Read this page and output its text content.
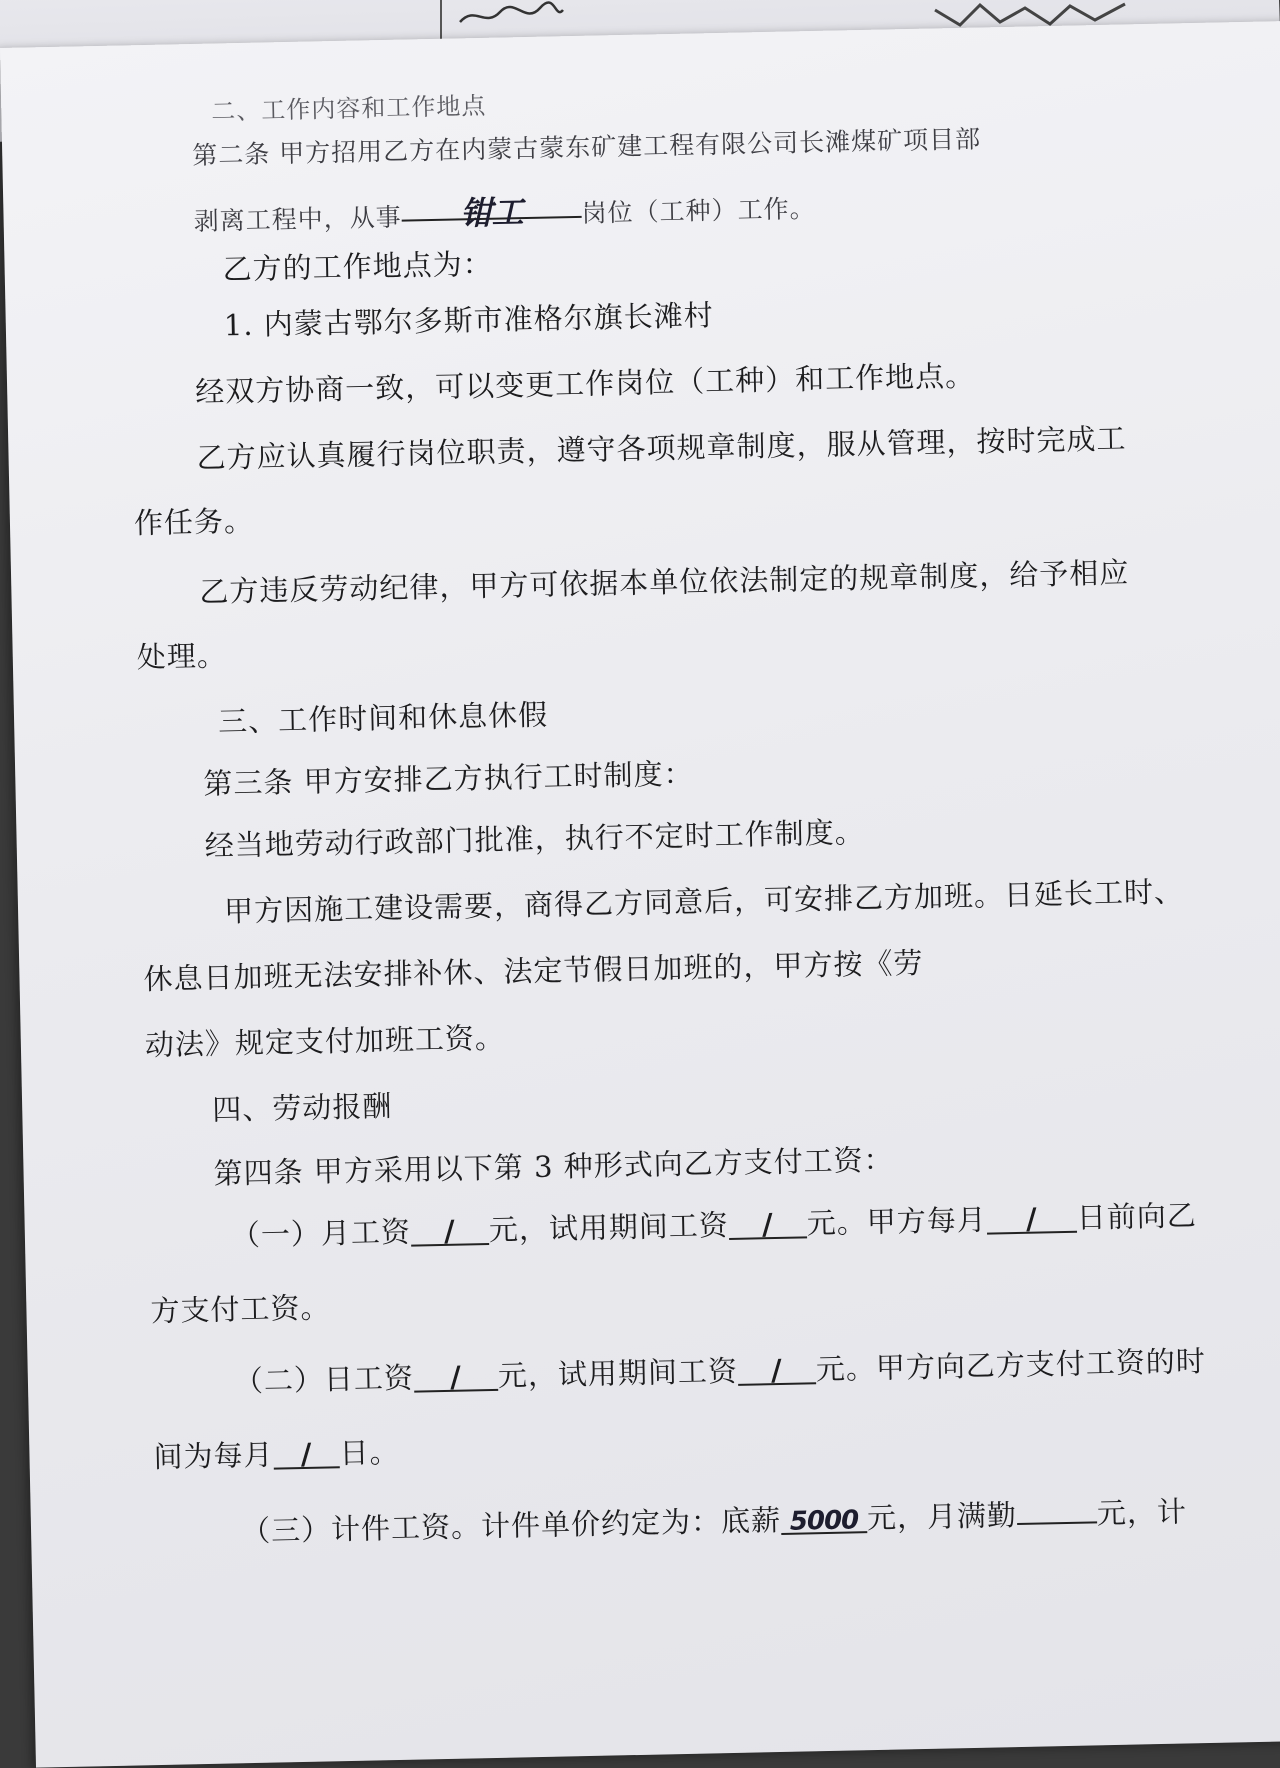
二、工作内容和工作地点
第二条 甲方招用乙方在内蒙古蒙东矿建工程有限公司长滩煤矿项目部
剥离工程中，从事 钳工 岗位（工种）工作。
乙方的工作地点为：
1. 内蒙古鄂尔多斯市准格尔旗长滩村
经双方协商一致，可以变更工作岗位（工种）和工作地点。
乙方应认真履行岗位职责，遵守各项规章制度，服从管理，按时完成工
作任务。
乙方违反劳动纪律，甲方可依据本单位依法制定的规章制度，给予相应
处理。
三、工作时间和休息休假
第三条 甲方安排乙方执行工时制度：
经当地劳动行政部门批准，执行不定时工作制度。
甲方因施工建设需要，商得乙方同意后，可安排乙方加班。日延长工时、
休息日加班无法安排补休、法定节假日加班的，甲方按《劳
动法》规定支付加班工资。
四、劳动报酬
第四条 甲方采用以下第 3 种形式向乙方支付工资：
（一）月工资 / 元，试用期间工资 / 元。甲方每月 / 日前向乙
方支付工资。
（二）日工资 / 元，试用期间工资 / 元。甲方向乙方支付工资的时
间为每月 / 日。
（三）计件工资。计件单价约定为：底薪 5000 元，月满勤	元，计
